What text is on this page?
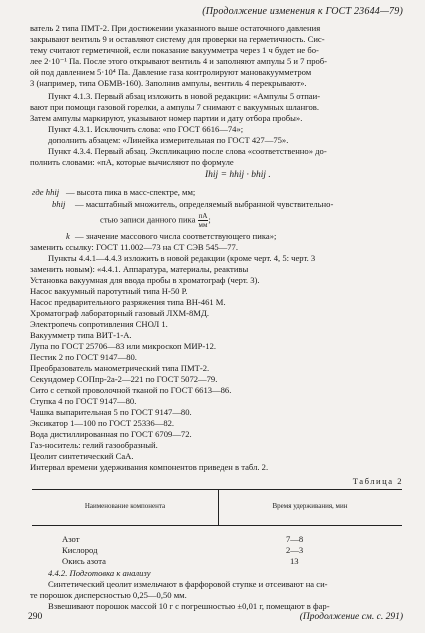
(Продолжение изменения к ГОСТ 23644—79)
ватель 2 типа ПМТ-2. При достижении указанного выше остаточного давления
закрывают вентиль 9 и оставляют систему для проверки на герметичность. Сис-
тему считают герметичной, если показание вакуумметра через 1 ч будет не бо-
лее 2·10⁻¹ Па. После этого открывают вентиль 4 и заполняют ампулы 5 и 7 проб-
ой под давлением 5·10⁴ Па. Давление газа контролируют мановакуумметром
3 (например, типа ОБМВ-160). Заполнив ампулы, вентиль 4 перекрывают».
Пункт 4.1.3. Первый абзац изложить в новой редакции: «Ампулы 5 отпаи-
вают при помощи газовой горелки, а ампулы 7 снимают с вакуумных шлангов.
Затем ампулы маркируют, указывают номер партии и дату отбора пробы».
Пункт 4.3.1. Исключить слова: «по ГОСТ 6616—74»;
дополнить абзацем: «Линейка измерительная по ГОСТ 427—75».
Пункт 4.3.4. Первый абзац. Экспликацию после слова «соответственно» до-
полнить словами: «пА, которые вычисляют по формуле
Ihij = hhij · bhij .
где hhij — высота пика в масс-спектре, мм;
bhij — масштабный множитель, определяемый выбранной чувствительно-
стью записи данного пика $\frac{пА}{мм}$ ;
k — значение массового числа соответствующего пика»;
заменить ссылку: ГОСТ 11.002—73 на СТ СЭВ 545—77.
Пункты 4.4.1—4.4.3 изложить в новой редакции (кроме черт. 4, 5: черт. 3
заменить новым): «4.4.1. Аппаратура, материалы, реактивы
Установка вакуумная для ввода пробы в хроматограф (черт. 3).
Насос вакуумный паротутный типа Н-50 Р.
Насос предварительного разряжения типа ВН-461 М.
Хроматограф лабораторный газовый ЛХМ-8МД.
Электропечь сопротивления СНОЛ 1.
Вакуумметр типа ВИТ-1-А.
Лупа по ГОСТ 25706—83 или микроскоп МИР-12.
Пестик 2 по ГОСТ 9147—80.
Преобразователь манометрический типа ПМТ-2.
Секундомер СОПпр-2а-2—221 по ГОСТ 5072—79.
Сито с сеткой проволочной тканой по ГОСТ 6613—86.
Ступка 4 по ГОСТ 9147—80.
Чашка выпарительная 5 по ГОСТ 9147—80.
Эксикатор 1—100 по ГОСТ 25336—82.
Вода дистиллированная по ГОСТ 6709—72.
Газ-носитель: гелий газообразный.
Цеолит синтетический СаА.
Интервал времени удерживания компонентов приведен в табл. 2.
Таблица 2
Наименование компонента	Время удерживания, мин
Азот	7—8
Кислород	2—3
Окись азота	13
4.4.2. Подготовка к анализу
Синтетический цеолит измельчают в фарфоровой ступке и отсеивают на си-
те порошок дисперсностью 0,25—0,50 мм.
Взвешивают порошок массой 10 г с погрешностью ±0,01 г, помещают в фар-
290	(Продолжение см. с. 291)
